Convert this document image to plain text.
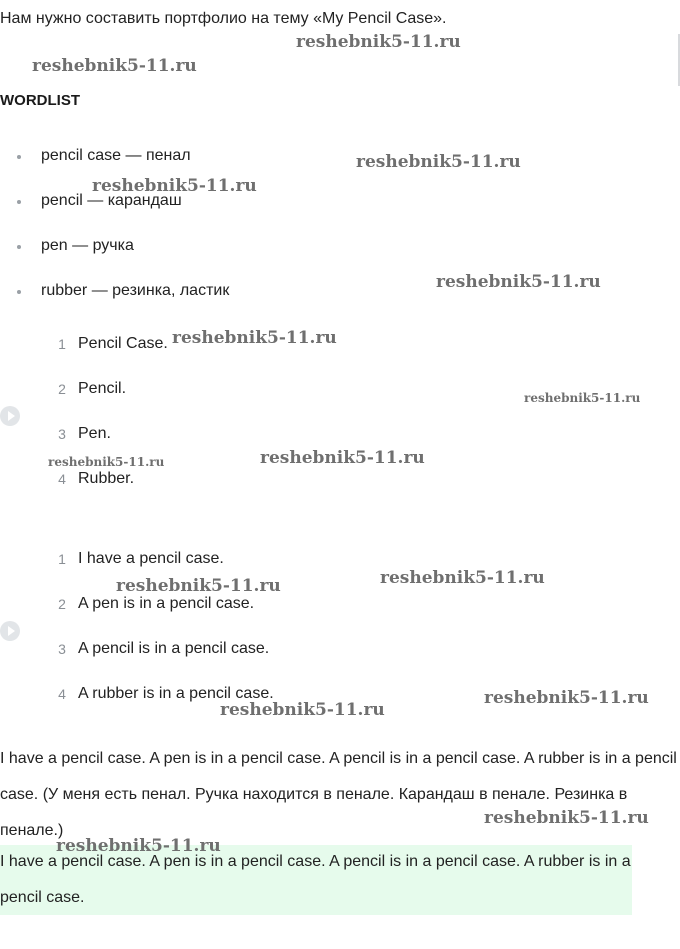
Нам нужно составить портфолио на тему «My Pencil Case».
WORDLIST
pencil case — пенал
pencil — карандаш
pen — ручка
rubber — резинка, ластик
1 Pencil Case.
2 Pencil.
3 Pen.
4 Rubber.
1 I have a pencil case.
2 A pen is in a pencil case.
3 A pencil is in a pencil case.
4 A rubber is in a pencil case.
I have a pencil case. A pen is in a pencil case. A pencil is in a pencil case. A rubber is in a pencil case. (У меня есть пенал. Ручка находится в пенале. Карандаш в пенале. Резинка в пенале.)
I have a pencil case. A pen is in a pencil case. A pencil is in a pencil case. A rubber is in a pencil case.
reshebnik5-11.ru
reshebnik5-11.ru
reshebnik5-11.ru
reshebnik5-11.ru
reshebnik5-11.ru
reshebnik5-11.ru
reshebnik5-11.ru
reshebnik5-11.ru	reshebnik5-11.ru
reshebnik5-11.ru
reshebnik5-11.ru
reshebnik5-11.ru
reshebnik5-11.ru
reshebnik5-11.ru
reshebnik5-11.ru
